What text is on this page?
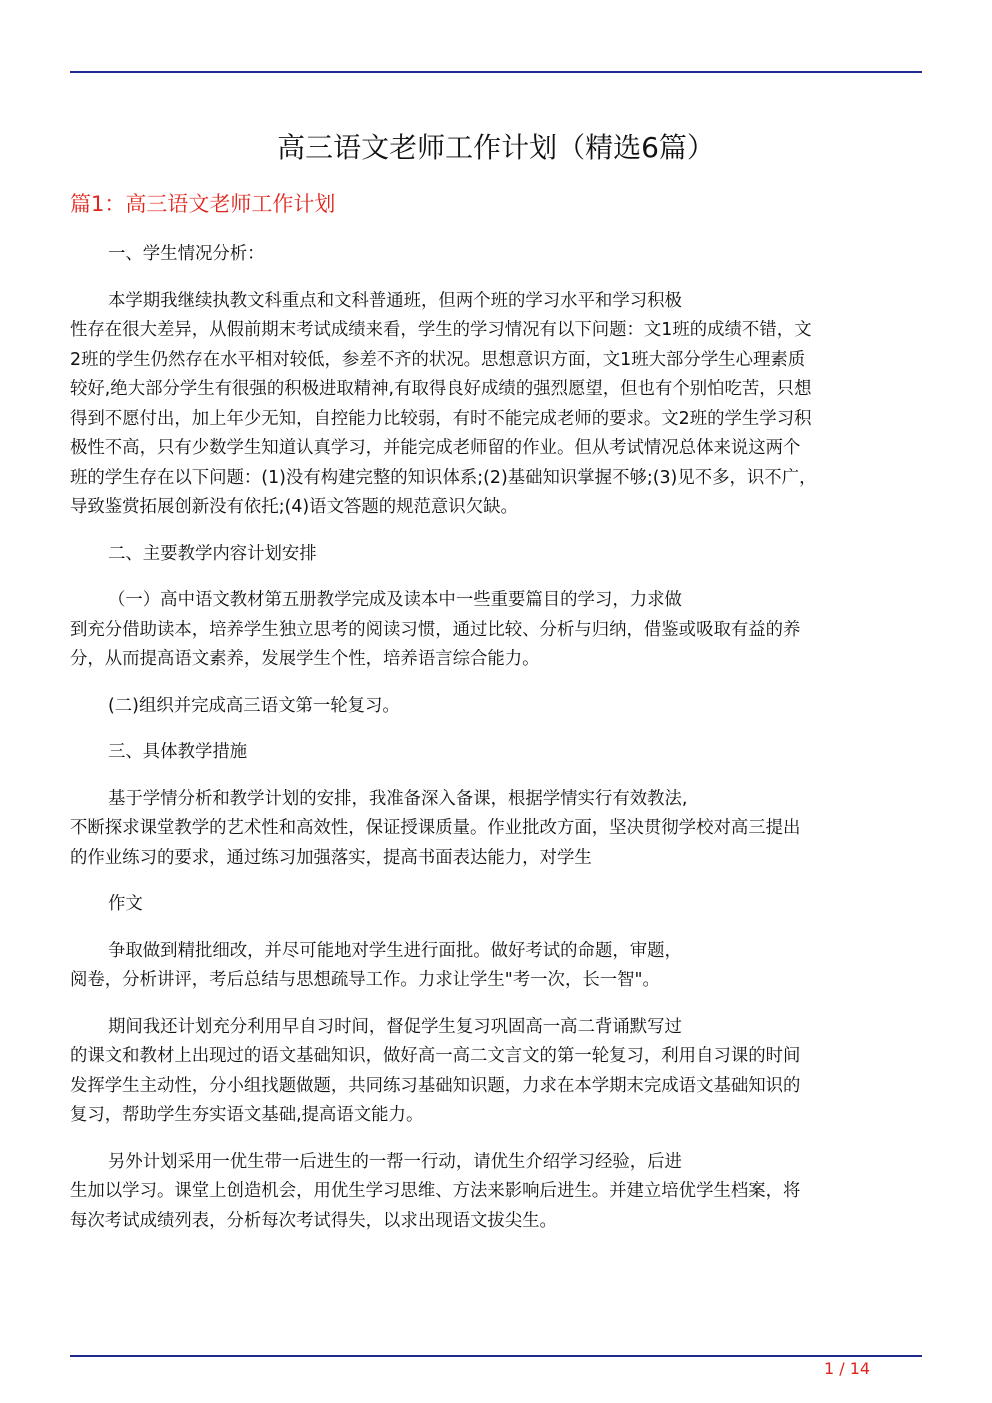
高三语文老师工作计划（精选6篇）
篇1：高三语文老师工作计划
一、学生情况分析：
本学期我继续执教文科重点和文科普通班，但两个班的学习水平和学习积极
性存在很大差异，从假前期末考试成绩来看，学生的学习情况有以下问题：文1班的成绩不错，文
2班的学生仍然存在水平相对较低，参差不齐的状况。思想意识方面，文1班大部分学生心理素质
较好,绝大部分学生有很强的积极进取精神,有取得良好成绩的强烈愿望，但也有个别怕吃苦，只想
得到不愿付出，加上年少无知，自控能力比较弱，有时不能完成老师的要求。文2班的学生学习积
极性不高，只有少数学生知道认真学习，并能完成老师留的作业。但从考试情况总体来说这两个
班的学生存在以下问题：(1)没有构建完整的知识体系;(2)基础知识掌握不够;(3)见不多，识不广，
导致鉴赏拓展创新没有依托;(4)语文答题的规范意识欠缺。
二、主要教学内容计划安排
（一）高中语文教材第五册教学完成及读本中一些重要篇目的学习，力求做
到充分借助读本，培养学生独立思考的阅读习惯，通过比较、分析与归纳，借鉴或吸取有益的养
分，从而提高语文素养，发展学生个性，培养语言综合能力。
(二)组织并完成高三语文第一轮复习。
三、具体教学措施
基于学情分析和教学计划的安排，我准备深入备课，根据学情实行有效教法,
不断探求课堂教学的艺术性和高效性，保证授课质量。作业批改方面，坚决贯彻学校对高三提出
的作业练习的要求，通过练习加强落实，提高书面表达能力，对学生
作文
争取做到精批细改，并尽可能地对学生进行面批。做好考试的命题，审题，
阅卷，分析讲评，考后总结与思想疏导工作。力求让学生"考一次，长一智"。
期间我还计划充分利用早自习时间，督促学生复习巩固高一高二背诵默写过
的课文和教材上出现过的语文基础知识，做好高一高二文言文的第一轮复习，利用自习课的时间
发挥学生主动性，分小组找题做题，共同练习基础知识题，力求在本学期末完成语文基础知识的
复习，帮助学生夯实语文基础,提高语文能力。
另外计划采用一优生带一后进生的一帮一行动，请优生介绍学习经验，后进
生加以学习。课堂上创造机会，用优生学习思维、方法来影响后进生。并建立培优学生档案，将
每次考试成绩列表，分析每次考试得失，以求出现语文拔尖生。
1 / 14
